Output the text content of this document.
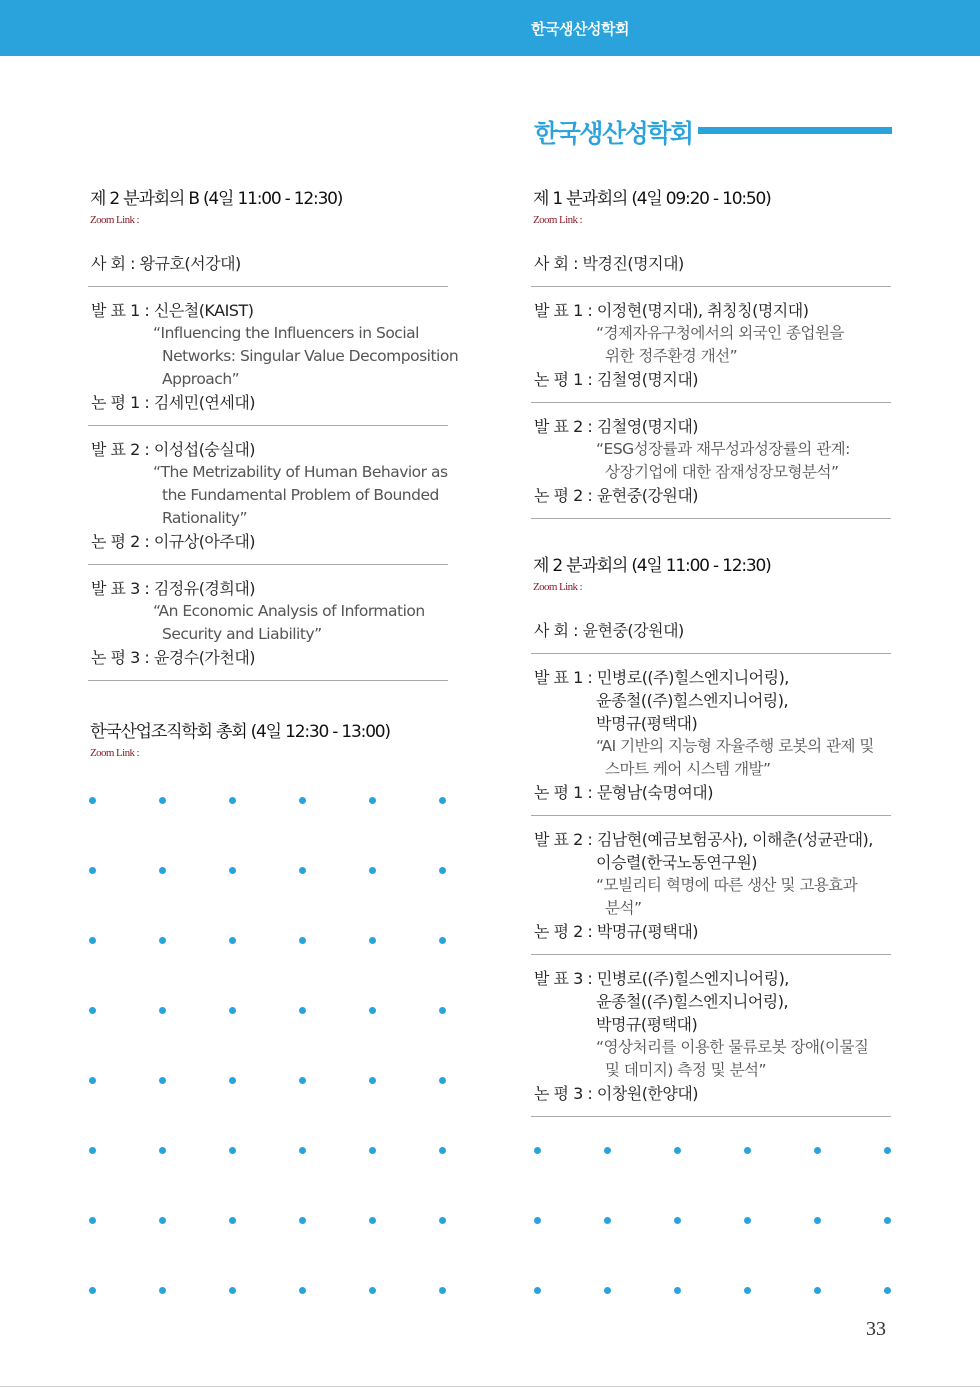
한국생산성학회
한국생산성학회
제 2 분과회의 B (4일 11:00 - 12:30)
Zoom Link :
사 회 : 왕규호(서강대)
발 표 1 : 신은철(KAIST)
“Influencing the Influencers in Social
Networks: Singular Value Decomposition
Approach”
논 평 1 : 김세민(연세대)
발 표 2 : 이성섭(숭실대)
“The Metrizability of Human Behavior as
the Fundamental Problem of Bounded
Rationality”
논 평 2 : 이규상(아주대)
발 표 3 : 김정유(경희대)
“An Economic Analysis of Information
Security and Liability”
논 평 3 : 윤경수(가천대)
한국산업조직학회 총회 (4일 12:30 - 13:00)
Zoom Link :
제 1 분과회의 (4일 09:20 - 10:50)
Zoom Link :
사 회 : 박경진(명지대)
발 표 1 : 이정현(명지대), 취칭칭(명지대)
“경제자유구청에서의 외국인 종업원을
위한 정주환경 개선”
논 평 1 : 김철영(명지대)
발 표 2 : 김철영(명지대)
“ESG성장률과 재무성과성장률의 관계:
상장기업에 대한 잠재성장모형분석”
논 평 2 : 윤현중(강원대)
제 2 분과회의 (4일 11:00 - 12:30)
Zoom Link :
사 회 : 윤현중(강원대)
발 표 1 : 민병로((주)힐스엔지니어링),
윤종철((주)힐스엔지니어링),
박명규(평택대)
“AI 기반의 지능형 자율주행 로봇의 관제 및
스마트 케어 시스템 개발”
논 평 1 : 문형남(숙명여대)
발 표 2 : 김남현(예금보험공사), 이해춘(성균관대),
이승렬(한국노동연구원)
“모빌리티 혁명에 따른 생산 및 고용효과
분석”
논 평 2 : 박명규(평택대)
발 표 3 : 민병로((주)힐스엔지니어링),
윤종철((주)힐스엔지니어링),
박명규(평택대)
“영상처리를 이용한 물류로봇 장애(이물질
및 데미지) 측정 및 분석”
논 평 3 : 이창원(한양대)
33
